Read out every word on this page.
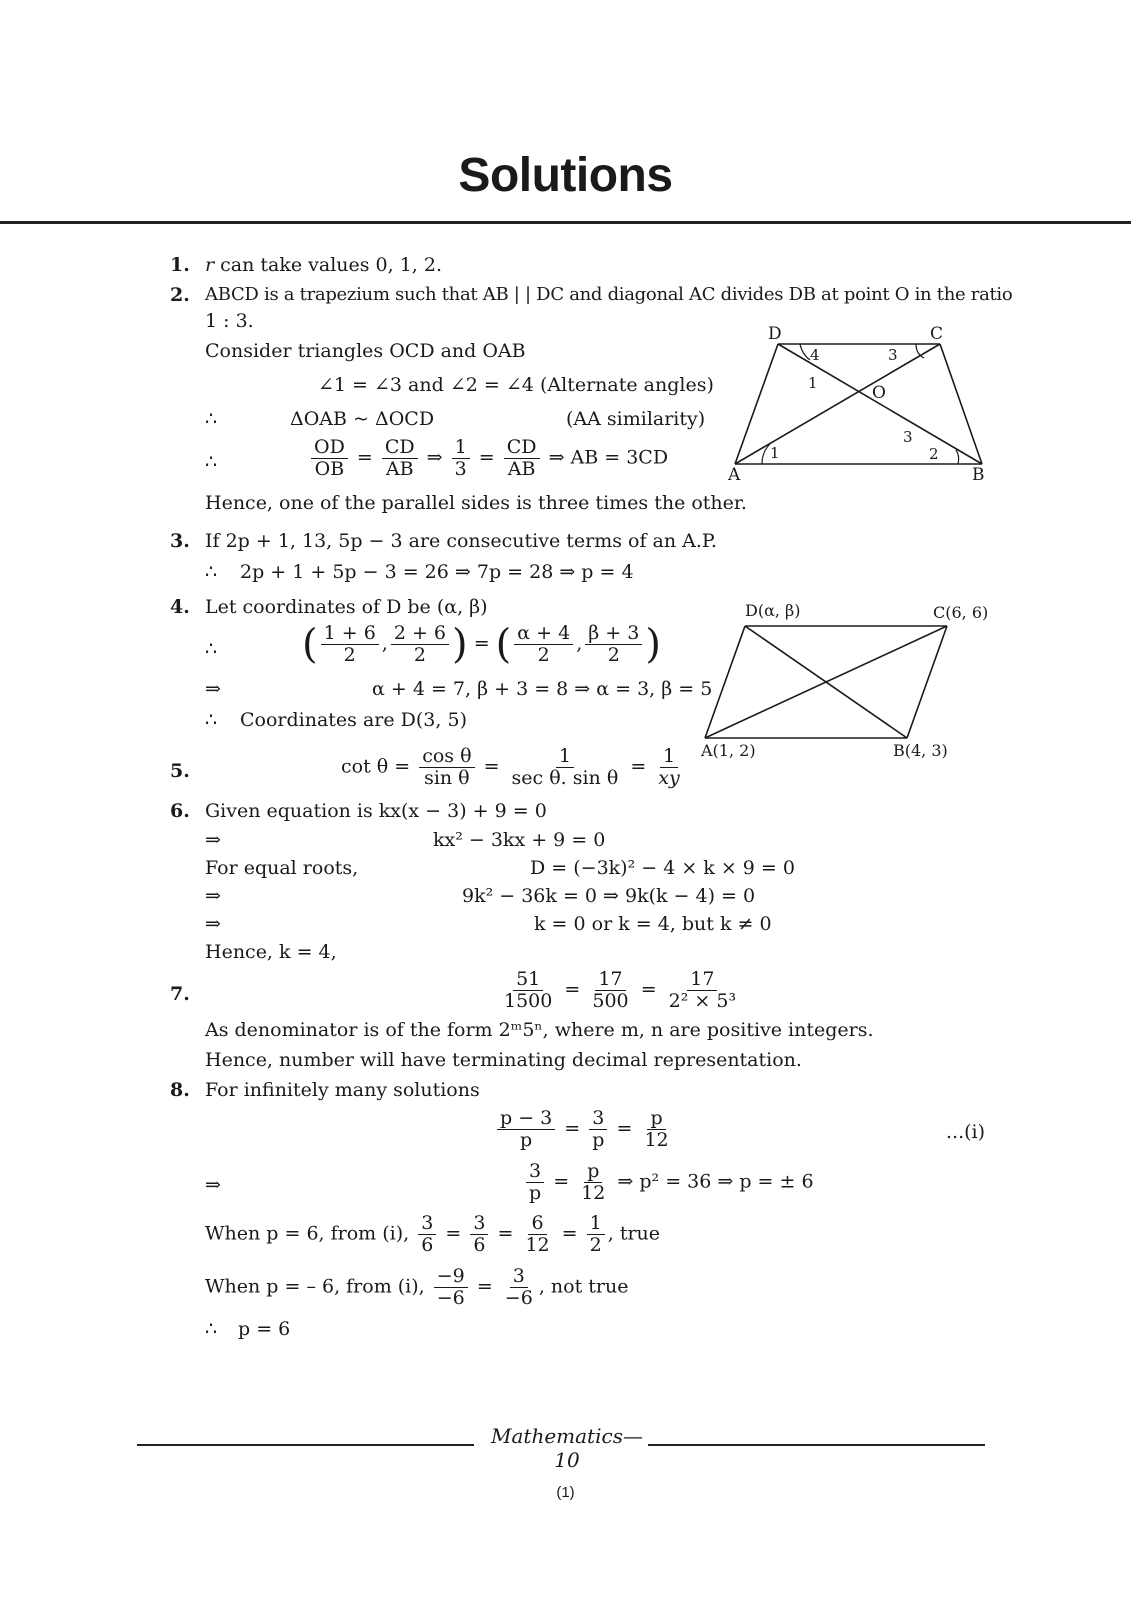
Solutions
1. r can take values 0, 1, 2.
2. ABCD is a trapezium such that AB | | DC and diagonal AC divides DB at point O in the ratio
1 : 3.
Consider triangles OCD and OAB
∠1 = ∠3 and ∠2 = ∠4 (Alternate angles)
∴	ΔOAB ~ ΔOCD	(AA similarity)
∴	$\frac{OD}{OB} = \frac{CD}{AB}$ ⇒ $\frac{1}{3} = \frac{CD}{AB}$ ⇒ AB = 3CD
Hence, one of the parallel sides is three times the other.
D	C
A	B
O
4	3
1
3
1	2
3. If 2p + 1, 13, 5p − 3 are consecutive terms of an A.P.
∴ 2p + 1 + 5p − 3 = 26 ⇒ 7p = 28 ⇒ p = 4
4. Let coordinates of D be (α, β)
∴ ( $\frac{1 + 6}{2}$ , $\frac{2 + 6}{2}$ ) = ( $\frac{\alpha + 4}{2}$ , $\frac{\beta + 3}{2}$ )
⇒	α + 4 = 7, β + 3 = 8 ⇒ α = 3, β = 5
∴ Coordinates are D(3, 5)
D(α, β)	C(6, 6)
A(1, 2)	B(4, 3)
5.	$\cot \theta = \frac{\text{cos θ}}{\text{sin θ}} = \frac{1}{\text{sec θ. sin θ}} = \frac{1}{xy}$
6. Given equation is kx(x − 3) + 9 = 0
⇒	kx² − 3kx + 9 = 0
For equal roots,	D = (−3k)² − 4 × k × 9 = 0
⇒	9k² − 36k = 0 ⇒ 9k(k − 4) = 0
⇒	k = 0 or k = 4, but k ≠ 0
Hence, k = 4,
7.	$\frac{51}{1500} = \frac{17}{500} = \frac{17}{\text{2² × 5³}}$
As denominator is of the form 2ᵐ5ⁿ, where m, n are positive integers.
Hence, number will have terminating decimal representation.
8. For infinitely many solutions
$\frac{p - 3}{p} = \frac{3}{p} = \frac{p}{12}$	...(i)
⇒	$\frac{3}{p} = \frac{p}{12}$ ⇒ p² = 36 ⇒ p = ± 6
When p = 6, from (i), $\frac{3}{6} = \frac{3}{6} = \frac{6}{12} = \frac{1}{2}$ , true
When p = – 6, from (i), $\frac{-9}{-6} = \frac{3}{-6}$ , not true
∴ p = 6
Mathematics—10
(1)
